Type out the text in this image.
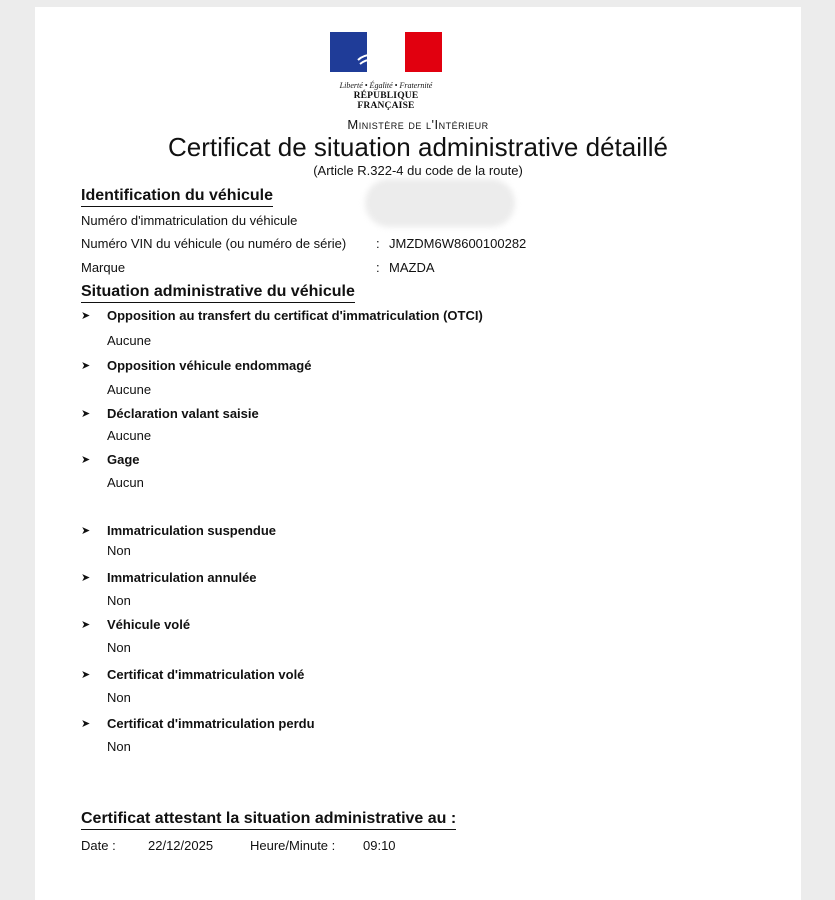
Liberté • Égalité • Fraternité
RÉPUBLIQUE FRANÇAISE
Ministère de l'Intérieur
Certificat de situation administrative détaillé
(Article R.322-4 du code de la route)
Identification du véhicule
Numéro d'immatriculation du véhicule
Numéro VIN du véhicule (ou numéro de série) : JMZDM6W8600100282
Marque	: MAZDA
Situation administrative du véhicule
➤ Opposition au transfert du certificat d'immatriculation (OTCI)
Aucune
➤ Opposition véhicule endommagé
Aucune
➤ Déclaration valant saisie
Aucune
➤ Gage
Aucun
➤ Immatriculation suspendue
Non
➤ Immatriculation annulée
Non
➤ Véhicule volé
Non
➤ Certificat d'immatriculation volé
Non
➤ Certificat d'immatriculation perdu
Non
Certificat attestant la situation administrative au :
Date : 22/12/2025	Heure/Minute : 09:10
